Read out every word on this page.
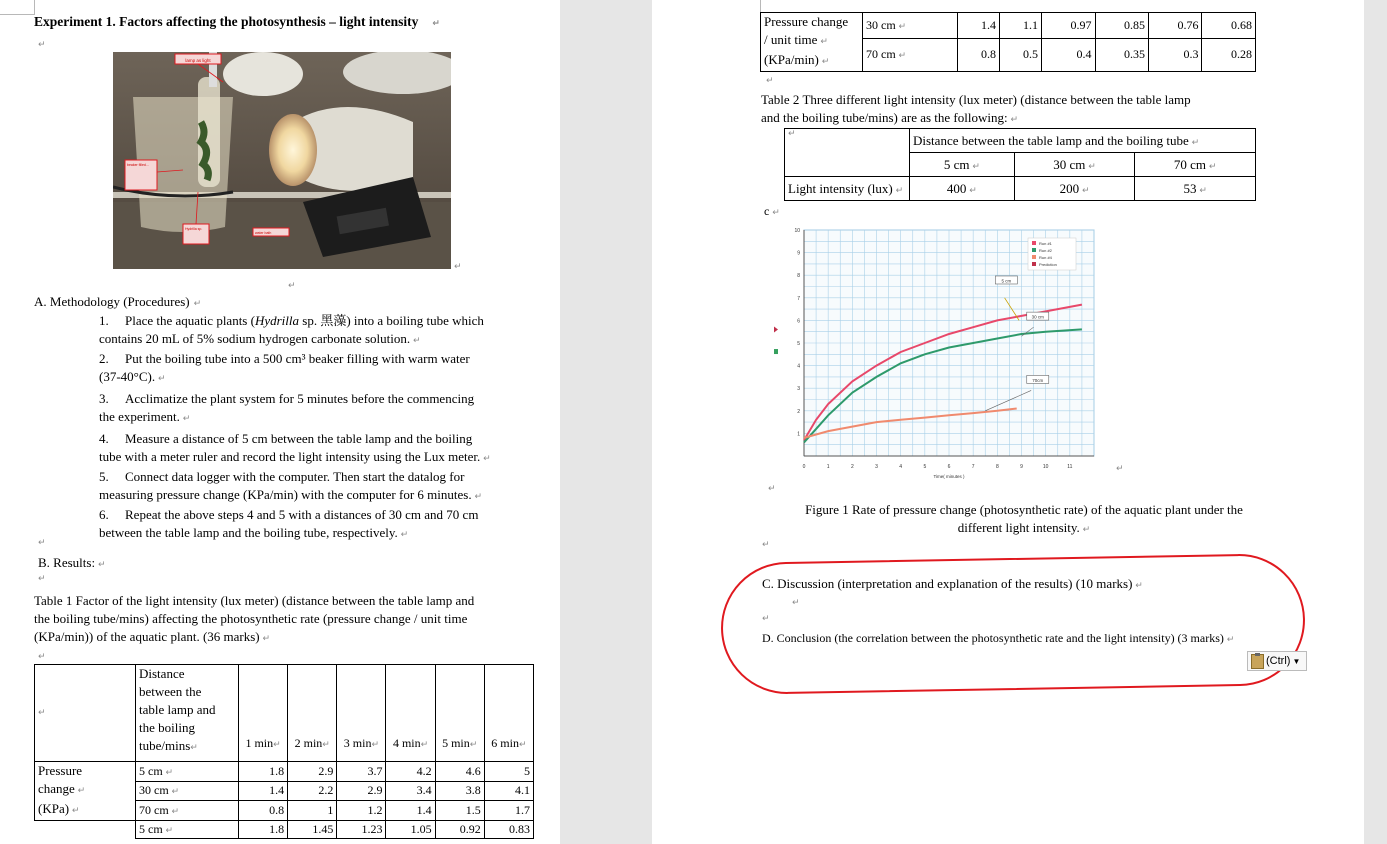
Experiment 1. Factors affecting the photosynthesis – light intensity ↵
↵
lamp as light
beaker filled...
Hydrilla sp.
water bath
↵
↵
A. Methodology (Procedures) ↵
1. Place the aquatic plants (Hydrilla sp. 黑藻) into a boiling tube which
contains 20 mL of 5% sodium hydrogen carbonate solution. ↵
2. Put the boiling tube into a 500 cm³ beaker filling with warm water
(37-40°C). ↵
3. Acclimatize the plant system for 5 minutes before the commencing
the experiment. ↵
4. Measure a distance of 5 cm between the table lamp and the boiling
tube with a meter ruler and record the light intensity using the Lux meter. ↵
5. Connect data logger with the computer. Then start the datalog for
measuring pressure change (KPa/min) with the computer for 6 minutes. ↵
6. Repeat the above steps 4 and 5 with a distances of 30 cm and 70 cm
between the table lamp and the boiling tube, respectively. ↵
↵
B. Results: ↵
↵
Table 1 Factor of the light intensity (lux meter) (distance between the table lamp and
the boiling tube/mins) affecting the photosynthetic rate (pressure change / unit time
(KPa/min)) of the aquatic plant. (36 marks) ↵
↵
↵	Distance
between the
table lamp and
the boiling
tube/mins↵	1 min↵	2 min↵	3 min↵	4 min↵	5 min↵	6 min↵

Pressure
change ↵
(KPa) ↵	5 cm ↵	1.8	2.9	3.7	4.2	4.6	5
	30 cm ↵	1.4	2.2	2.9	3.4	3.8	4.1
	70 cm ↵	0.8	1	1.2	1.4	1.5	1.7
	5 cm ↵	1.8	1.45	1.23	1.05	0.92	0.83
Pressure change
/ unit time ↵
(KPa/min) ↵	30 cm ↵	1.4	1.1	0.97	0.85	0.76	0.68
	70 cm ↵	0.8	0.5	0.4	0.35	0.3	0.28
↵
Table 2 Three different light intensity (lux meter) (distance between the table lamp
and the boiling tube/mins) are as the following: ↵
↵	Distance between the table lamp and the boiling tube ↵		
	5 cm ↵	30 cm ↵	70 cm ↵
Light intensity (lux) ↵	400 ↵	200 ↵	53 ↵
c ↵
0	1	2	3	4	5	6	7	8	9	10	11
1
2
3
4
5
6
7
8
9
10
Time( minutes )
Run #1
Run #2
Run #4
Prediction
5 cm
30 cm
70cm
↵
↵
Figure 1 Rate of pressure change (photosynthetic rate) of the aquatic plant under the
different light intensity. ↵
↵
C. Discussion (interpretation and explanation of the results) (10 marks) ↵
↵
↵
D. Conclusion (the correlation between the photosynthetic rate and the light intensity) (3 marks) ↵
(Ctrl) ▼
